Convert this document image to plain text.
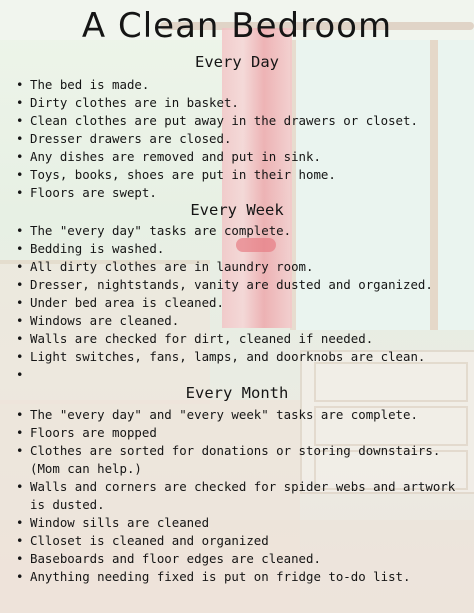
A Clean Bedroom
Every Day
• The bed is made.
• Dirty clothes are in basket.
• Clean clothes are put away in the drawers or closet.
• Dresser drawers are closed.
• Any dishes are removed and put in sink.
• Toys, books, shoes are put in their home.
• Floors are swept.
Every Week
• The "every day" tasks are complete.
• Bedding is washed.
• All dirty clothes are in laundry room.
• Dresser, nightstands, vanity are dusted and organized.
• Under bed area is cleaned.
• Windows are cleaned.
• Walls are checked for dirt, cleaned if needed.
• Light switches, fans, lamps, and doorknobs are clean.
Every Month
• The "every day" and "every week" tasks are complete.
• Floors are mopped
• Clothes are sorted for donations or storing downstairs. (Mom can help.)
• Walls and corners are checked for spider webs and artwork is dusted.
• Window sills are cleaned
• Clloset is cleaned and organized
• Baseboards and floor edges are cleaned.
• Anything needing fixed is put on fridge to-do list.
